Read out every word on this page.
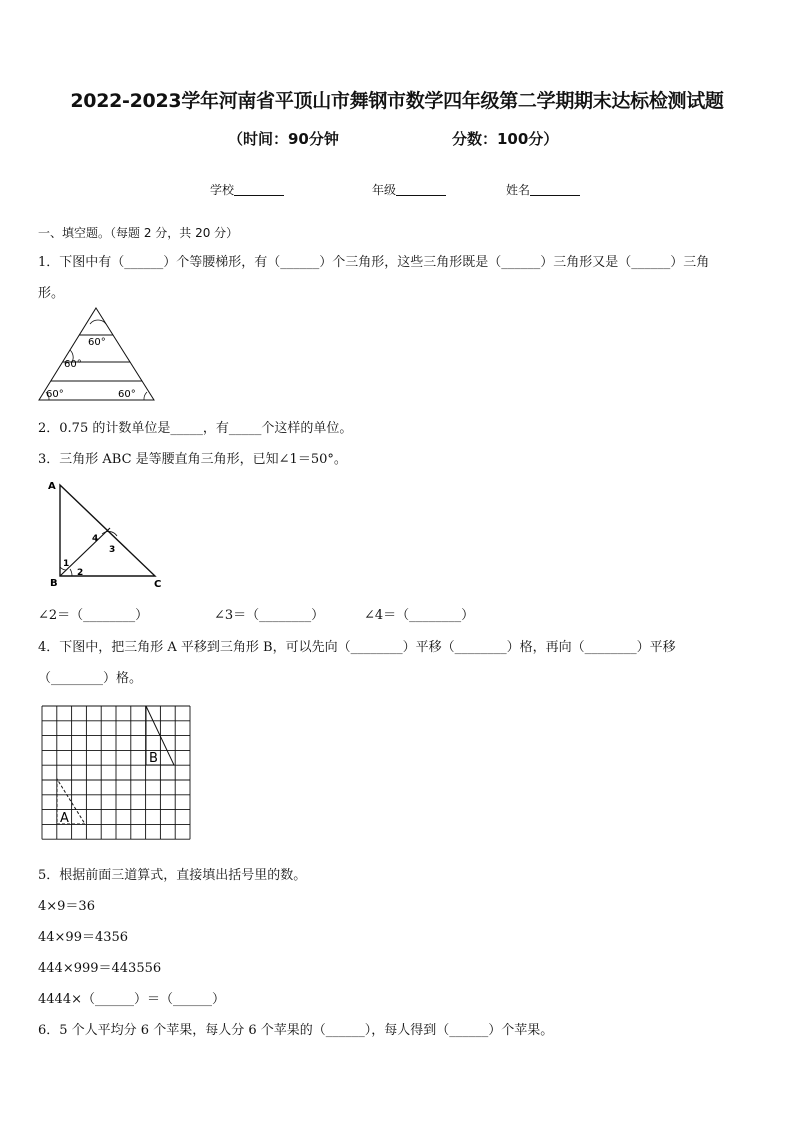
2022-2023学年河南省平顶山市舞钢市数学四年级第二学期期末达标检测试题
（时间：90分钟	分数：100分）
学校	年级	姓名
一、填空题。（每题 2 分，共 20 分）
1．下图中有（______）个等腰梯形，有（______）个三角形，这些三角形既是（______）三角形又是（______）三角
形。
60°
60°
60°	60°
2．0.75 的计数单位是_____，有_____个这样的单位。
3．三角形 ABC 是等腰直角三角形，已知∠1＝50°。
A
B	C
1
2
3
4
∠2＝（________）	∠3＝（________）	∠4＝（________）
4．下图中，把三角形 A 平移到三角形 B，可以先向（________）平移（________）格，再向（________）平移
（________）格。
A
B
5．根据前面三道算式，直接填出括号里的数。
4×9＝36
44×99＝4356
444×999＝443556
4444×（______）＝（______）
6．5 个人平均分 6 个苹果，每人分 6 个苹果的（______），每人得到（______）个苹果。
